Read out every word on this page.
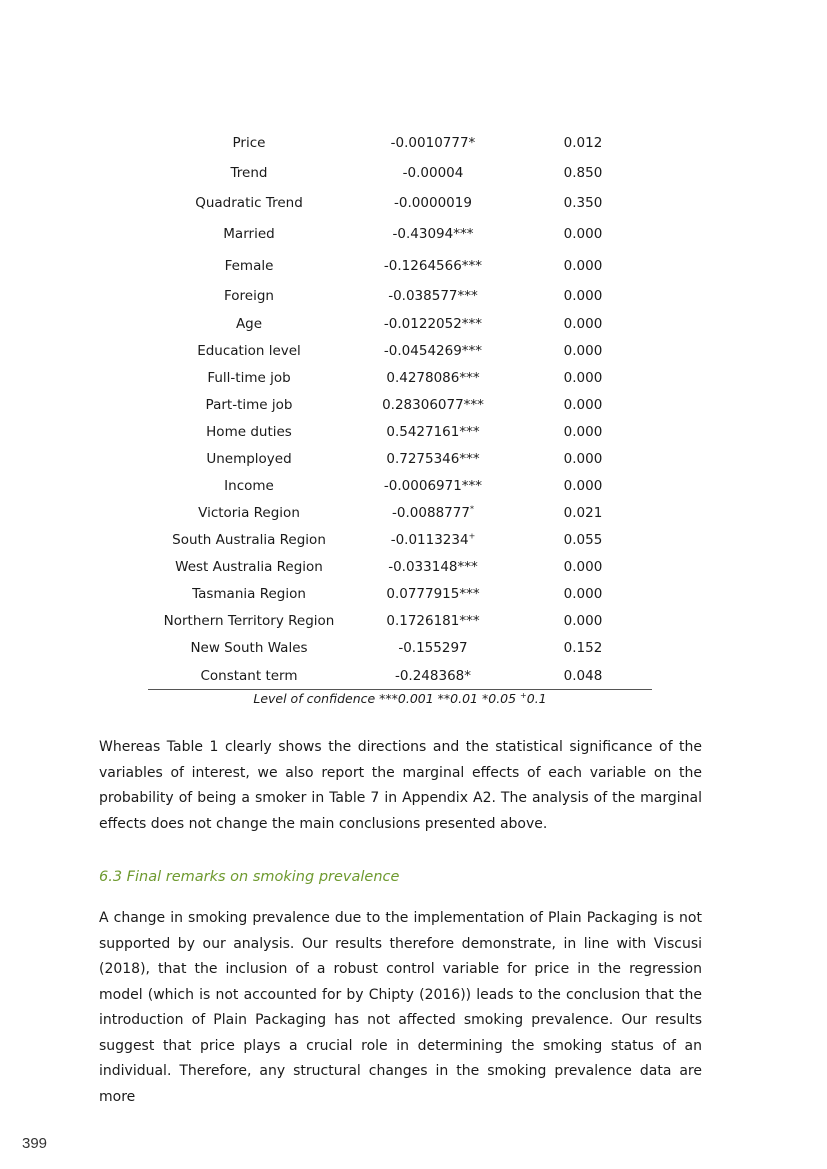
Price	-0.0010777*	0.012
Trend	-0.00004	0.850
Quadratic Trend	-0.0000019	0.350
Married	-0.43094***	0.000
Female	-0.1264566***	0.000
Foreign	-0.038577***	0.000
Age	-0.0122052***	0.000
Education level	-0.0454269***	0.000
Full-time job	0.4278086***	0.000
Part-time job	0.28306077***	0.000
Home duties	0.5427161***	0.000
Unemployed	0.7275346***	0.000
Income	-0.0006971***	0.000
Victoria Region	-0.0088777*	0.021
South Australia Region	-0.0113234+	0.055
West Australia Region	-0.033148***	0.000
Tasmania Region	0.0777915***	0.000
Northern Territory Region	0.1726181***	0.000
New South Wales	-0.155297	0.152
Constant term	-0.248368*	0.048
Level of confidence ***0.001 **0.01 *0.05 +0.1

Whereas Table 1 clearly shows the directions and the statistical significance of the variables of interest, we also report the marginal effects of each variable on the probability of being a smoker in Table 7 in Appendix A2. The analysis of the marginal effects does not change the main conclusions presented above.

6.3 Final remarks on smoking prevalence

A change in smoking prevalence due to the implementation of Plain Packaging is not supported by our analysis. Our results therefore demonstrate, in line with Viscusi (2018), that the inclusion of a robust control variable for price in the regression model (which is not accounted for by Chipty (2016)) leads to the conclusion that the introduction of Plain Packaging has not affected smoking prevalence. Our results suggest that price plays a crucial role in determining the smoking status of an individual. Therefore, any structural changes in the smoking prevalence data are more

399
